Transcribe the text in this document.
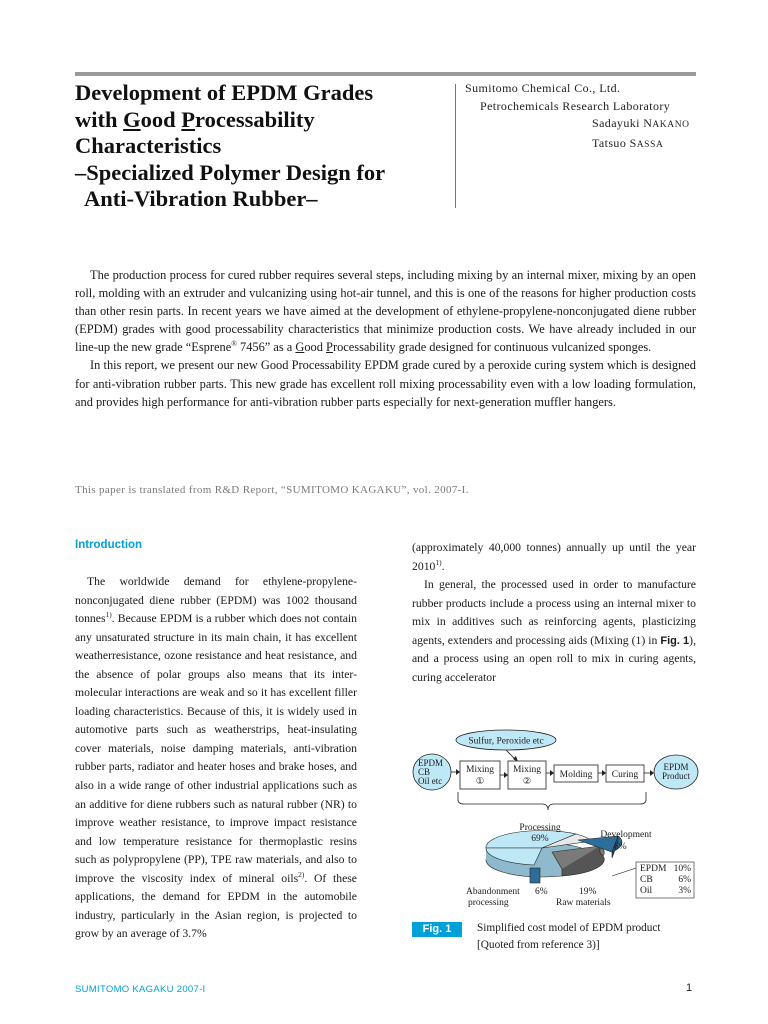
Development of EPDM Grades
with Good Processability
Characteristics
–Specialized Polymer Design for
Anti-Vibration Rubber–
Sumitomo Chemical Co., Ltd.
Petrochemicals Research Laboratory
Sadayuki NAKANO
Tatsuo SASSA

The production process for cured rubber requires several steps, including mixing by an internal mixer, mixing by an open roll, molding with an extruder and vulcanizing using hot-air tunnel, and this is one of the reasons for higher production costs than other resin parts. In recent years we have aimed at the development of ethylene-propylene-nonconjugated diene rubber (EPDM) grades with good processability characteristics that minimize production costs. We have already included in our line-up the new grade “Esprene® 7456” as a Good Processability grade designed for continuous vulcanized sponges.

In this report, we present our new Good Processability EPDM grade cured by a peroxide curing system which is designed for anti-vibration rubber parts. This new grade has excellent roll mixing processability even with a low loading formulation, and provides high performance for anti-vibration rubber parts especially for next-generation muffler hangers.

This paper is translated from R&D Report, “SUMITOMO KAGAKU”, vol. 2007-I.
Introduction

The worldwide demand for ethylene-propylene-nonconjugated diene rubber (EPDM) was 1002 thousand tonnes$^{1)}$. Because EPDM is a rubber which does not contain any unsaturated structure in its main chain, it has excellent weatherresistance, ozone resistance and heat resistance, and the absence of polar groups also means that its inter-molecular interactions are weak and so it has excellent filler loading characteristics. Because of this, it is widely used in automotive parts such as weatherstrips, heat-insulating cover materials, noise damping materials, anti-vibration rubber parts, radiator and heater hoses and brake hoses, and also in a wide range of other industrial applications such as an additive for diene rubbers such as natural rubber (NR) to improve weather resistance, to improve impact resistance and low temperature resistance for thermoplastic resins such as polypropylene (PP), TPE raw materials, and also to improve the viscosity index of mineral oils$^{2)}$. Of these applications, the demand for EPDM in the automobile industry, particularly in the Asian region, is projected to grow by an average of 3.7%

(approximately 40,000 tonnes) annually up until the year 2010$^{1)}$.

In general, the processed used in order to manufacture rubber products include a process using an internal mixer to mix in additives such as reinforcing agents, plasticizing agents, extenders and processing aids (Mixing (1) in Fig. 1), and a process using an open roll to mix in curing agents, curing accelerator

Sulfur, Peroxide etc
EPDM
CB
Oil etc
Mixing
①
Mixing
②
Molding Curing
EPDM
Product
Processing
69%	Development
6%
Abandonment
processing
6%	19%
Raw materials
EPDM 10%
CB	6%
Oil	3%
Fig. 1	Simplified cost model of EPDM product
[Quoted from reference 3)]
SUMITOMO KAGAKU 2007-I	1
